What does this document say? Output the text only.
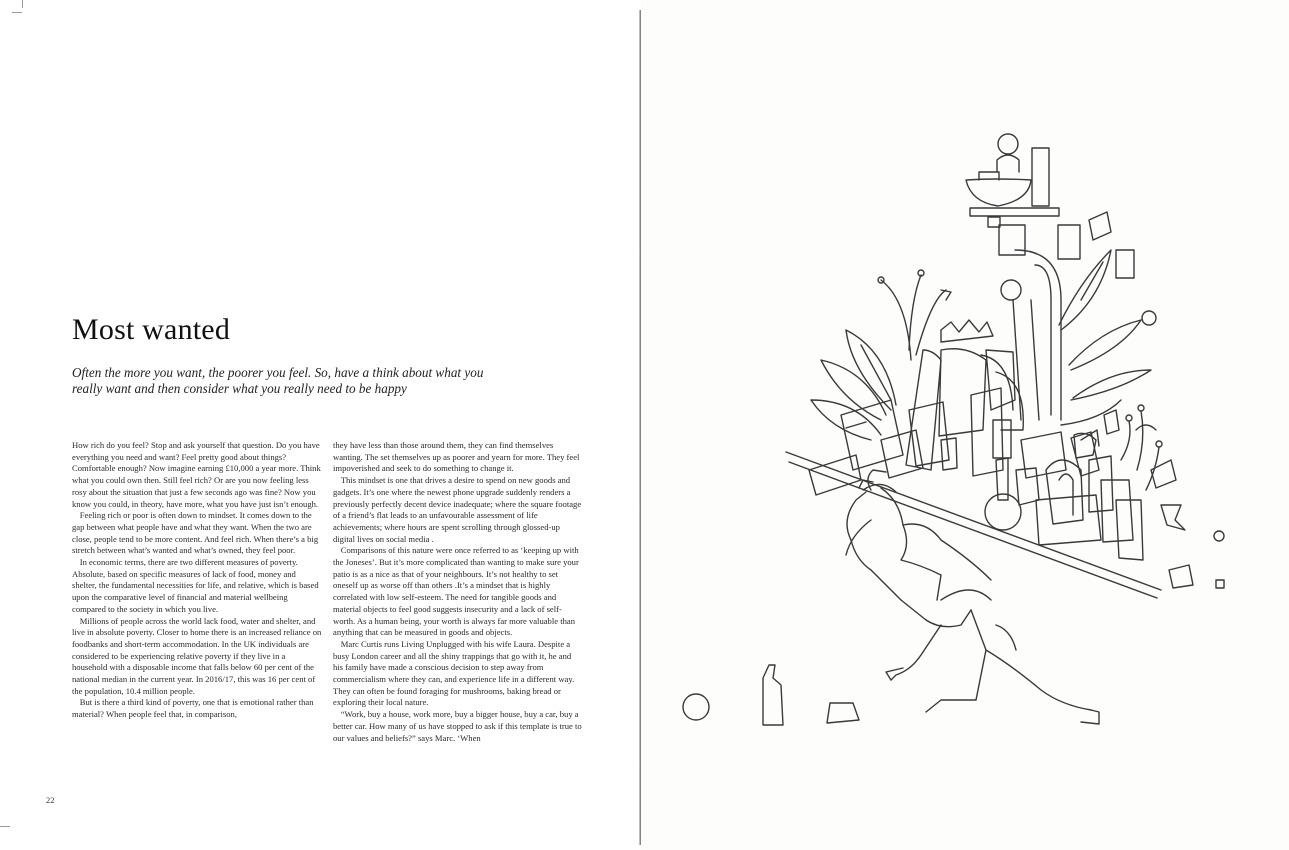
Most wanted

Often the more you want, the poorer you feel. So, have a think about what you really want and then consider what you really need to be happy

How rich do you feel? Stop and ask yourself that question. Do you have everything you need and want? Feel pretty good about things? Comfortable enough? Now imagine earning £10,000 a year more. Think what you could own then. Still feel rich? Or are you now feeling less rosy about the situation that just a few seconds ago was fine? Now you know you could, in theory, have more, what you have just isn’t enough.

Feeling rich or poor is often down to mindset. It comes down to the gap between what people have and what they want. When the two are close, people tend to be more content. And feel rich. When there’s a big stretch between what’s wanted and what’s owned, they feel poor.

In economic terms, there are two different measures of poverty. Absolute, based on specific measures of lack of food, money and shelter, the fundamental necessities for life, and relative, which is based upon the comparative level of financial and material wellbeing compared to the society in which you live.

Millions of people across the world lack food, water and shelter, and live in absolute poverty. Closer to home there is an increased reliance on foodbanks and short-term accommodation. In the UK individuals are considered to be experiencing relative poverty if they live in a household with a disposable income that falls below 60 per cent of the national median in the current year. In 2016/17, this was 16 per cent of the population, 10.4 million people.

But is there a third kind of poverty, one that is emotional rather than material? When people feel that, in comparison,

they have less than those around them, they can find themselves wanting. The set themselves up as poorer and yearn for more. They feel impoverished and seek to do something to change it.

This mindset is one that drives a desire to spend on new goods and gadgets. It’s one where the newest phone upgrade suddenly renders a previously perfectly decent device inadequate; where the square footage of a friend’s flat leads to an unfavourable assessment of life achievements; where hours are spent scrolling through glossed-up digital lives on social media .

Comparisons of this nature were once referred to as ‘keeping up with the Joneses’. But it’s more complicated than wanting to make sure your patio is as a nice as that of your neighbours. It’s not healthy to set oneself up as worse off than others .It’s a mindset that is highly correlated with low self-esteem. The need for tangible goods and material objects to feel good suggests insecurity and a lack of self-worth. As a human being, your worth is always far more valuable than anything that can be measured in goods and objects.

Marc Curtis runs Living Unplugged with his wife Laura. Despite a busy London career and all the shiny trappings that go with it, he and his family have made a conscious decision to step away from commercialism where they can, and experience life in a different way. They can often be found foraging for mushrooms, baking bread or exploring their local nature.

“Work, buy a house, work more, buy a bigger house, buy a car, buy a better car. How many of us have stopped to ask if this template is true to our values and beliefs?” says Marc. ‘When

22
